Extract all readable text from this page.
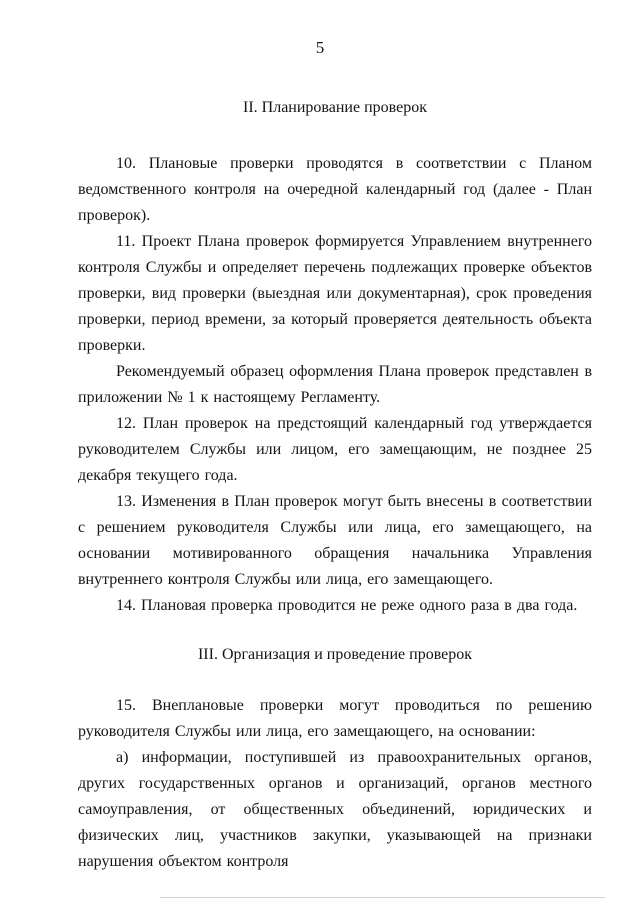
5
II. Планирование проверок

10. Плановые проверки проводятся в соответствии с Планом ведомственного контроля на очередной календарный год (далее - План проверок).

11. Проект Плана проверок формируется Управлением внутреннего контроля Службы и определяет перечень подлежащих проверке объектов проверки, вид проверки (выездная или документарная), срок проведения проверки, период времени, за который проверяется деятельность объекта проверки.

Рекомендуемый образец оформления Плана проверок представлен в приложении № 1 к настоящему Регламенту.

12. План проверок на предстоящий календарный год утверждается руководителем Службы или лицом, его замещающим, не позднее 25 декабря текущего года.

13. Изменения в План проверок могут быть внесены в соответствии с решением руководителя Службы или лица, его замещающего, на основании мотивированного обращения начальника Управления внутреннего контроля Службы или лица, его замещающего.

14. Плановая проверка проводится не реже одного раза в два года.

III. Организация и проведение проверок

15. Внеплановые проверки могут проводиться по решению руководителя Службы или лица, его замещающего, на основании:

а) информации, поступившей из правоохранительных органов, других государственных органов и организаций, органов местного самоуправления, от общественных объединений, юридических и физических лиц, участников закупки, указывающей на признаки нарушения объектом контроля
